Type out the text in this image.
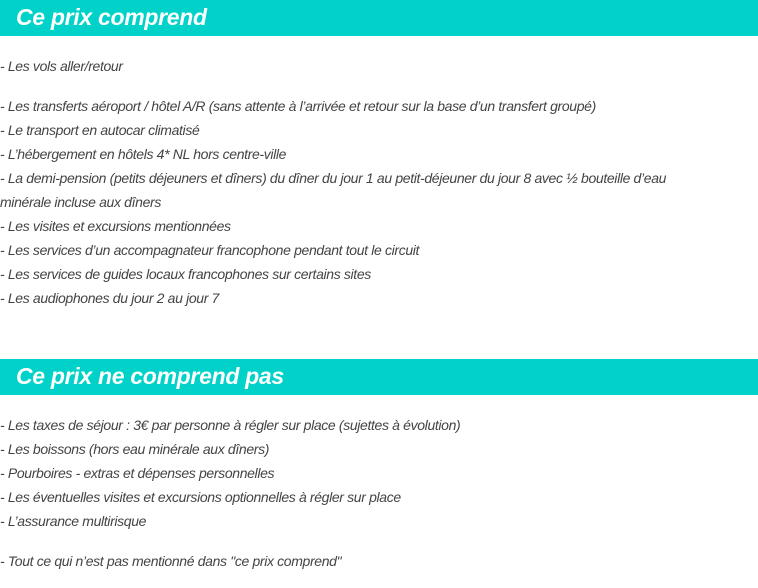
Ce prix comprend
- Les vols aller/retour
- Les transferts aéroport / hôtel A/R (sans attente à l’arrivée et retour sur la base d’un transfert groupé)
- Le transport en autocar climatisé
- L’hébergement en hôtels 4* NL hors centre-ville
- La demi-pension (petits déjeuners et dîners) du dîner du jour 1 au petit-déjeuner du jour 8 avec ½ bouteille d’eau
minérale incluse aux dîners
- Les visites et excursions mentionnées
- Les services d’un accompagnateur francophone pendant tout le circuit
- Les services de guides locaux francophones sur certains sites
- Les audiophones du jour 2 au jour 7
Ce prix ne comprend pas
- Les taxes de séjour : 3€ par personne à régler sur place (sujettes à évolution)
- Les boissons (hors eau minérale aux dîners)
- Pourboires - extras et dépenses personnelles
- Les éventuelles visites et excursions optionnelles à régler sur place
- L’assurance multirisque
- Tout ce qui n’est pas mentionné dans "ce prix comprend"
